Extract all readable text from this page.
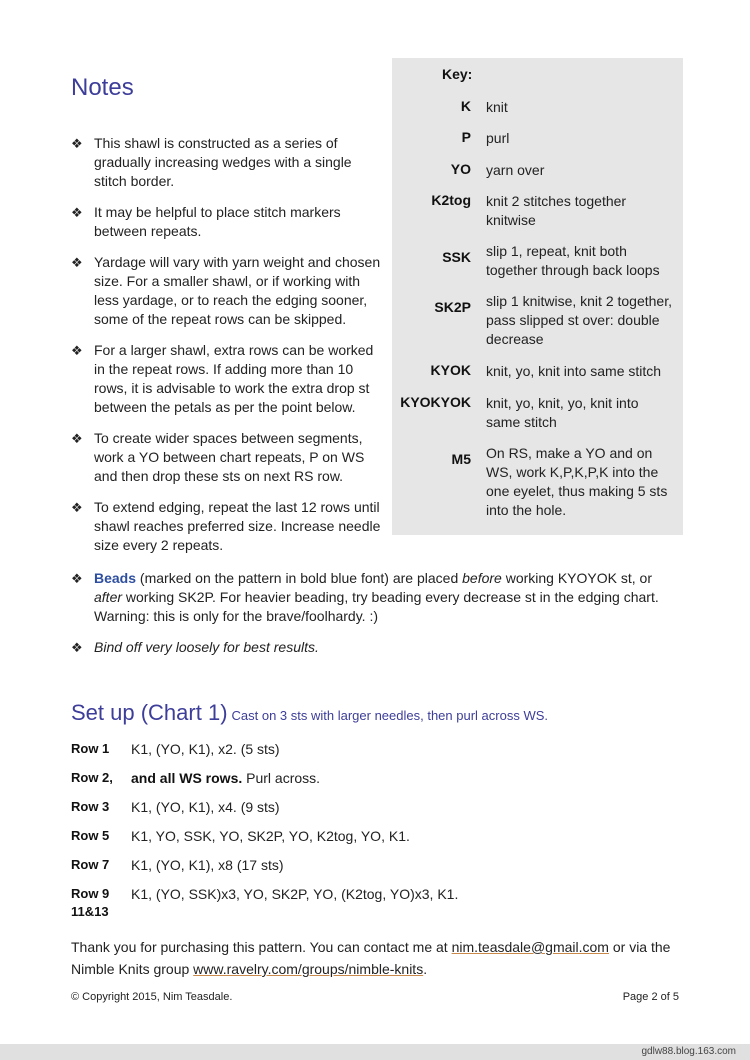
Notes
❖ This shawl is constructed as a series of gradually increasing wedges with a single stitch border.
❖ It may be helpful to place stitch markers between repeats.
❖ Yardage will vary with yarn weight and chosen size. For a smaller shawl, or if working with less yardage, or to reach the edging sooner, some of the repeat rows can be skipped.
❖ For a larger shawl, extra rows can be worked in the repeat rows. If adding more than 10 rows, it is advisable to work the extra drop st between the petals as per the point below.
❖ To create wider spaces between segments, work a YO between chart repeats, P on WS and then drop these sts on next RS row.
❖ To extend edging, repeat the last 12 rows until shawl reaches preferred size. Increase needle size every 2 repeats.
Key:
K knit
P purl
YO yarn over
K2tog knit 2 stitches together knitwise
SSK slip 1, repeat, knit both together through back loops
SK2P slip 1 knitwise, knit 2 together, pass slipped st over: double decrease
KYOK knit, yo, knit into same stitch
KYOKYOK knit, yo, knit, yo, knit into same stitch
M5 On RS, make a YO and on WS, work K,P,K,P,K into the one eyelet, thus making 5 sts into the hole.
❖ Beads (marked on the pattern in bold blue font) are placed before working KYOYOK st, or after working SK2P. For heavier beading, try beading every decrease st in the edging chart. Warning: this is only for the brave/foolhardy. :)
❖ Bind off very loosely for best results.
Set up (Chart 1) Cast on 3 sts with larger needles, then purl across WS.
Row 1 K1, (YO, K1), x2. (5 sts)
Row 2, and all WS rows. Purl across.
Row 3 K1, (YO, K1), x4. (9 sts)
Row 5 K1, YO, SSK, YO, SK2P, YO, K2tog, YO, K1.
Row 7 K1, (YO, K1), x8 (17 sts)
Row 9
11&13
K1, (YO, SSK)x3, YO, SK2P, YO, (K2tog, YO)x3, K1.
Thank you for purchasing this pattern. You can contact me at nim.teasdale@gmail.com or via the Nimble Knits group www.ravelry.com/groups/nimble-knits.
© Copyright 2015, Nim Teasdale.	Page 2 of 5
gdlw88.blog.163.com
